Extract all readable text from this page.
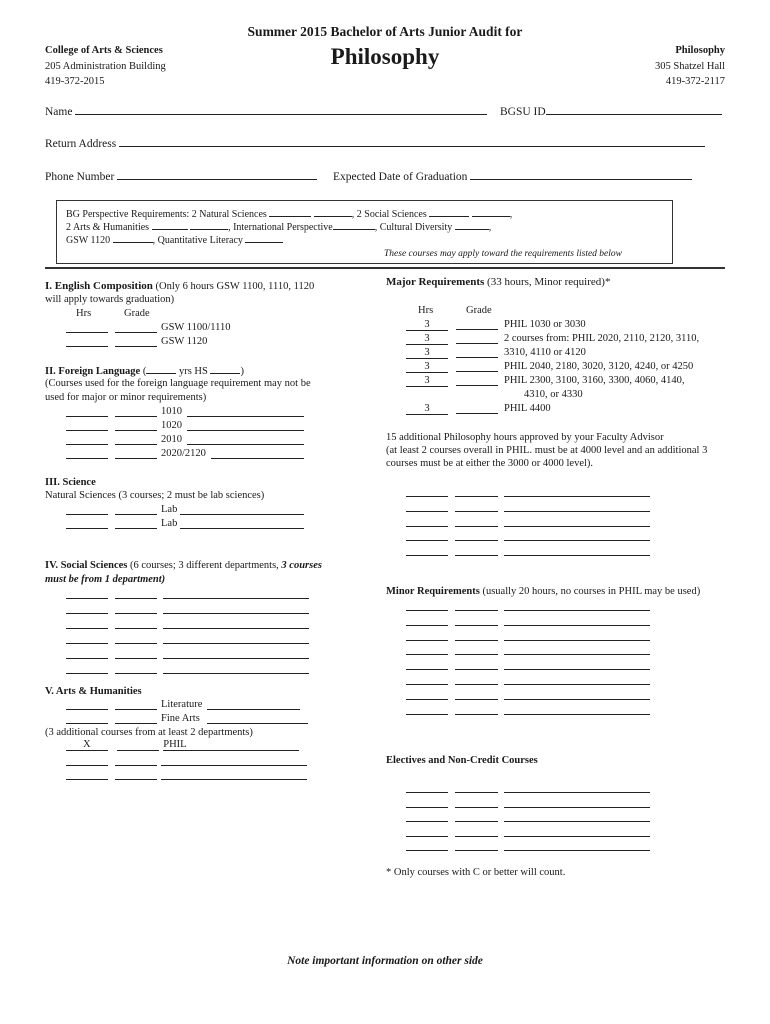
Summer 2015 Bachelor of Arts Junior Audit for
Philosophy
College of Arts & Sciences
205 Administration Building
419-372-2015
Philosophy
305 Shatzel Hall
419-372-2117
Name	BGSU ID
Return Address
Phone Number	Expected Date of Graduation
BG Perspective Requirements: 2 Natural Sciences	, 2 Social Sciences	,
2 Arts & Humanities	, International Perspective	, Cultural Diversity	,
GSW 1120	, Quantitative Literacy
These courses may apply toward the requirements listed below
I. English Composition (Only 6 hours GSW 1100, 1110, 1120
will apply towards graduation)
Hrs	Grade
GSW 1100/1110
GSW 1120
II. Foreign Language (	yrs HS	)
(Courses used for the foreign language requirement may not be
used for major or minor requirements)
1010
1020
2010
2020/2120
III. Science
Natural Sciences (3 courses; 2 must be lab sciences)
Lab
Lab
IV. Social Sciences (6 courses; 3 different departments, 3 courses
must be from 1 department)
V. Arts & Humanities
Literature
Fine Arts
(3 additional courses from at least 2 departments)
X
	PHIL
Major Requirements (33 hours, Minor required)*
Hrs	Grade
3	PHIL 1030 or 3030
3	2 courses from: PHIL 2020, 2110, 2120, 3110,
3	3310, 4110 or 4120
3	PHIL 2040, 2180, 3020, 3120, 4240, or 4250
3	PHIL 2300, 3100, 3160, 3300, 4060, 4140,
4310, or 4330
3	PHIL 4400
15 additional Philosophy hours approved by your Faculty Advisor
(at least 2 courses overall in PHIL. must be at 4000 level and an additional 3
courses must be at either the 3000 or 4000 level).
Minor Requirements (usually 20 hours, no courses in PHIL may be used)
Electives and Non-Credit Courses
* Only courses with C or better will count.
Note important information on other side
